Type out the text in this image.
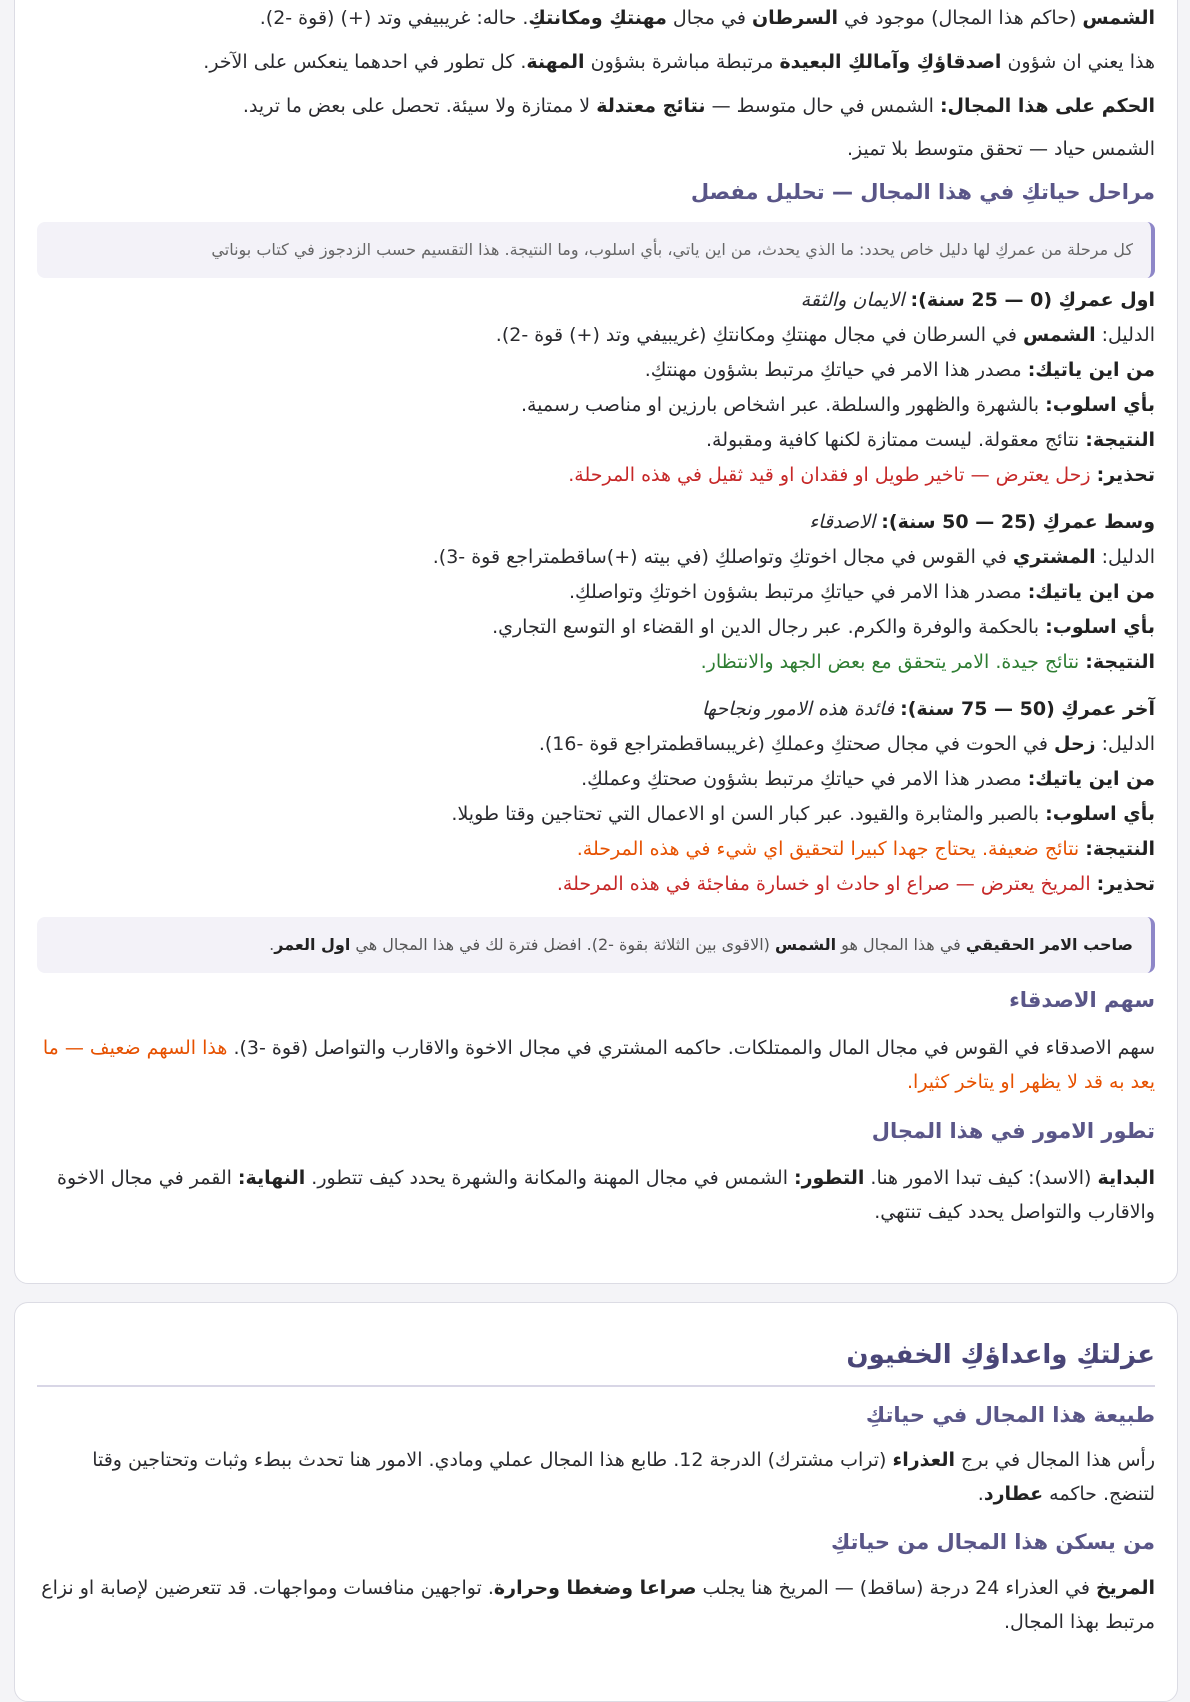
الشمس (حاكم هذا المجال) موجود في السرطان في مجال مهنتكِ ومكانتكِ. حاله: غريبيفي وتد (+) (قوة -2).
هذا يعني ان شؤون اصدقاؤكِ وآمالكِ البعيدة مرتبطة مباشرة بشؤون المهنة. كل تطور في احدهما ينعكس على الآخر.
الحكم على هذا المجال: الشمس في حال متوسط — نتائج معتدلة لا ممتازة ولا سيئة. تحصل على بعض ما تريد.
الشمس حياد — تحقق متوسط بلا تميز.
مراحل حياتكِ في هذا المجال — تحليل مفصل
كل مرحلة من عمركِ لها دليل خاص يحدد: ما الذي يحدث، من اين ياتي، بأي اسلوب، وما النتيجة. هذا التقسيم حسب الزدجوز في كتاب بوناتي
اول عمركِ (0 — 25 سنة): الايمان والثقة
الدليل: الشمس في السرطان في مجال مهنتكِ ومكانتكِ (غريبيفي وتد (+) قوة -2).
من اين ياتيك: مصدر هذا الامر في حياتكِ مرتبط بشؤون مهنتكِ.
بأي اسلوب: بالشهرة والظهور والسلطة. عبر اشخاص بارزين او مناصب رسمية.
النتيجة: نتائج معقولة. ليست ممتازة لكنها كافية ومقبولة.
تحذير: زحل يعترض — تاخير طويل او فقدان او قيد ثقيل في هذه المرحلة.
وسط عمركِ (25 — 50 سنة): الاصدقاء
الدليل: المشتري في القوس في مجال اخوتكِ وتواصلكِ (في بيته (+)ساقطمتراجع قوة -3).
من اين ياتيك: مصدر هذا الامر في حياتكِ مرتبط بشؤون اخوتكِ وتواصلكِ.
بأي اسلوب: بالحكمة والوفرة والكرم. عبر رجال الدين او القضاء او التوسع التجاري.
النتيجة: نتائج جيدة. الامر يتحقق مع بعض الجهد والانتظار.
آخر عمركِ (50 — 75 سنة): فائدة هذه الامور ونجاحها
الدليل: زحل في الحوت في مجال صحتكِ وعملكِ (غريبساقطمتراجع قوة -16).
من اين ياتيك: مصدر هذا الامر في حياتكِ مرتبط بشؤون صحتكِ وعملكِ.
بأي اسلوب: بالصبر والمثابرة والقيود. عبر كبار السن او الاعمال التي تحتاجين وقتا طويلا.
النتيجة: نتائج ضعيفة. يحتاج جهدا كبيرا لتحقيق اي شيء في هذه المرحلة.
تحذير: المريخ يعترض — صراع او حادث او خسارة مفاجئة في هذه المرحلة.
صاحب الامر الحقيقي في هذا المجال هو الشمس (الاقوى بين الثلاثة بقوة -2). افضل فترة لك في هذا المجال هي اول العمر.
سهم الاصدقاء
سهم الاصدقاء في القوس في مجال المال والممتلكات. حاكمه المشتري في مجال الاخوة والاقارب والتواصل (قوة -3). هذا السهم ضعيف — ما يعد به قد لا يظهر او يتاخر كثيرا.
تطور الامور في هذا المجال
البداية (الاسد): كيف تبدا الامور هنا. التطور: الشمس في مجال المهنة والمكانة والشهرة يحدد كيف تتطور. النهاية: القمر في مجال الاخوة والاقارب والتواصل يحدد كيف تنتهي.
عزلتكِ واعداؤكِ الخفيون
طبيعة هذا المجال في حياتكِ
رأس هذا المجال في برج العذراء (تراب مشترك) الدرجة 12. طابع هذا المجال عملي ومادي. الامور هنا تحدث ببطء وثبات وتحتاجين وقتا لتنضج. حاكمه عطارد.
من يسكن هذا المجال من حياتكِ
المريخ في العذراء 24 درجة (ساقط) — المريخ هنا يجلب صراعا وضغطا وحرارة. تواجهين منافسات ومواجهات. قد تتعرضين لإصابة او نزاع مرتبط بهذا المجال.
